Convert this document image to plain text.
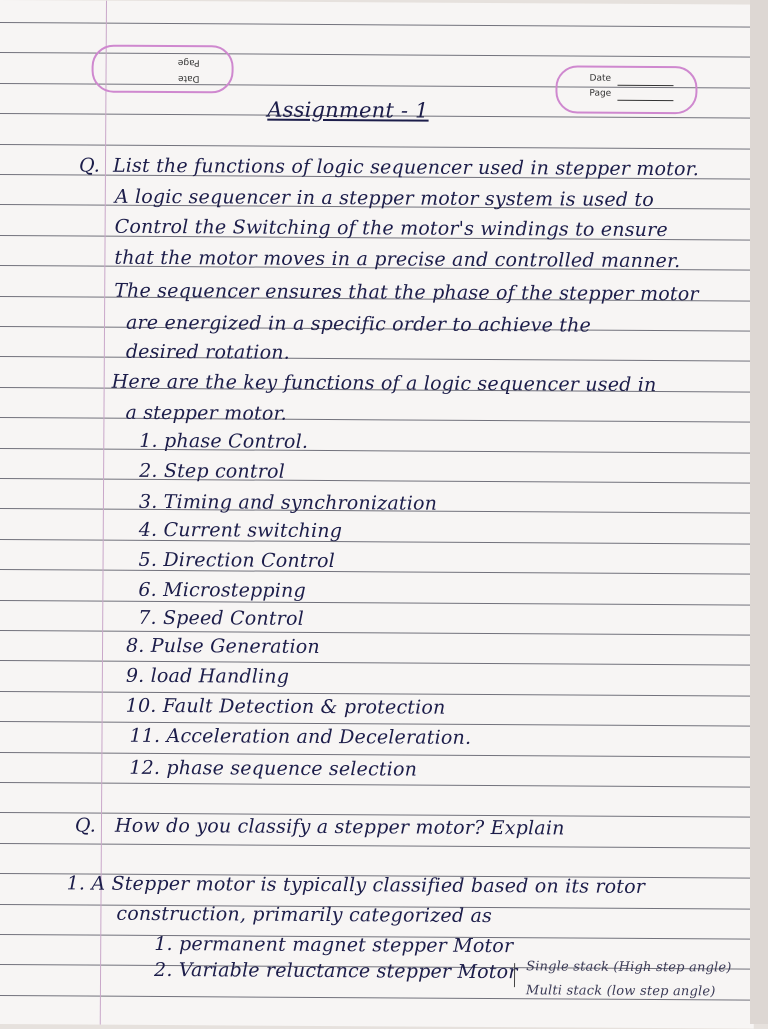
Date
Page
Date
Page
Assignment - 1
Q. List the functions of logic sequencer used in stepper motor.
A logic sequencer in a stepper motor system is used to
Control the Switching of the motor's windings to ensure
that the motor moves in a precise and controlled manner.
The sequencer ensures that the phase of the stepper motor
are energized in a specific order to achieve the
desired rotation.
Here are the key functions of a logic sequencer used in
a stepper motor.
1. phase Control.
2. Step control
3. Timing and synchronization
4. Current switching
5. Direction Control
6. Microstepping
7. Speed Control
8. Pulse Generation
9. load Handling
10. Fault Detection & protection
11. Acceleration and Deceleration.
12. phase sequence selection
Q. How do you classify a stepper motor? Explain
1. A Stepper motor is typically classified based on its rotor
construction, primarily categorized as
1. permanent magnet stepper Motor
2. Variable reluctance stepper Motor Single stack (High step angle)
Multi stack (low step angle)
